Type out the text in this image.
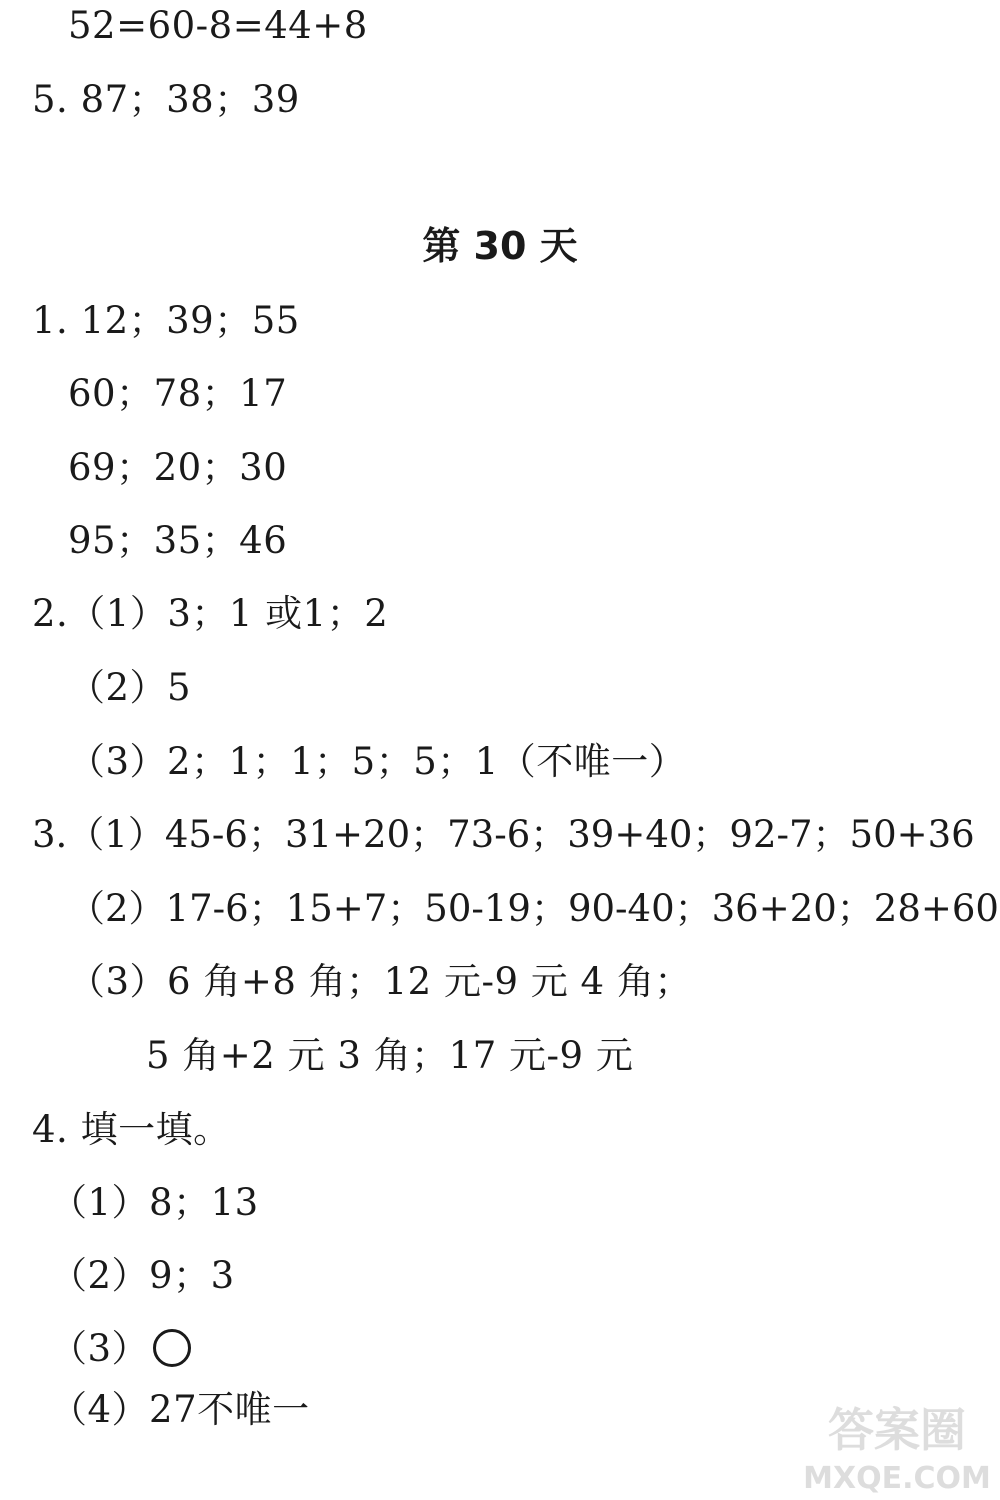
52=60-8=44+8
5. 87；38；39
第 30 天
1. 12；39；55
60；78；17
69；20；30
95；35；46
2.（1）3；1 或1；2
（2）5
（3）2；1；1；5；5；1（不唯一）
3.（1）45-6；31+20；73-6；39+40；92-7；50+36
（2）17-6；15+7；50-19；90-40；36+20；28+60
（3）6 角+8 角；12 元-9 元 4 角；
5 角+2 元 3 角；17 元-9 元
4. 填一填。
（1）8；13
（2）9；3
（3）
（4）27不唯一	答案圈
MXQE.COM
